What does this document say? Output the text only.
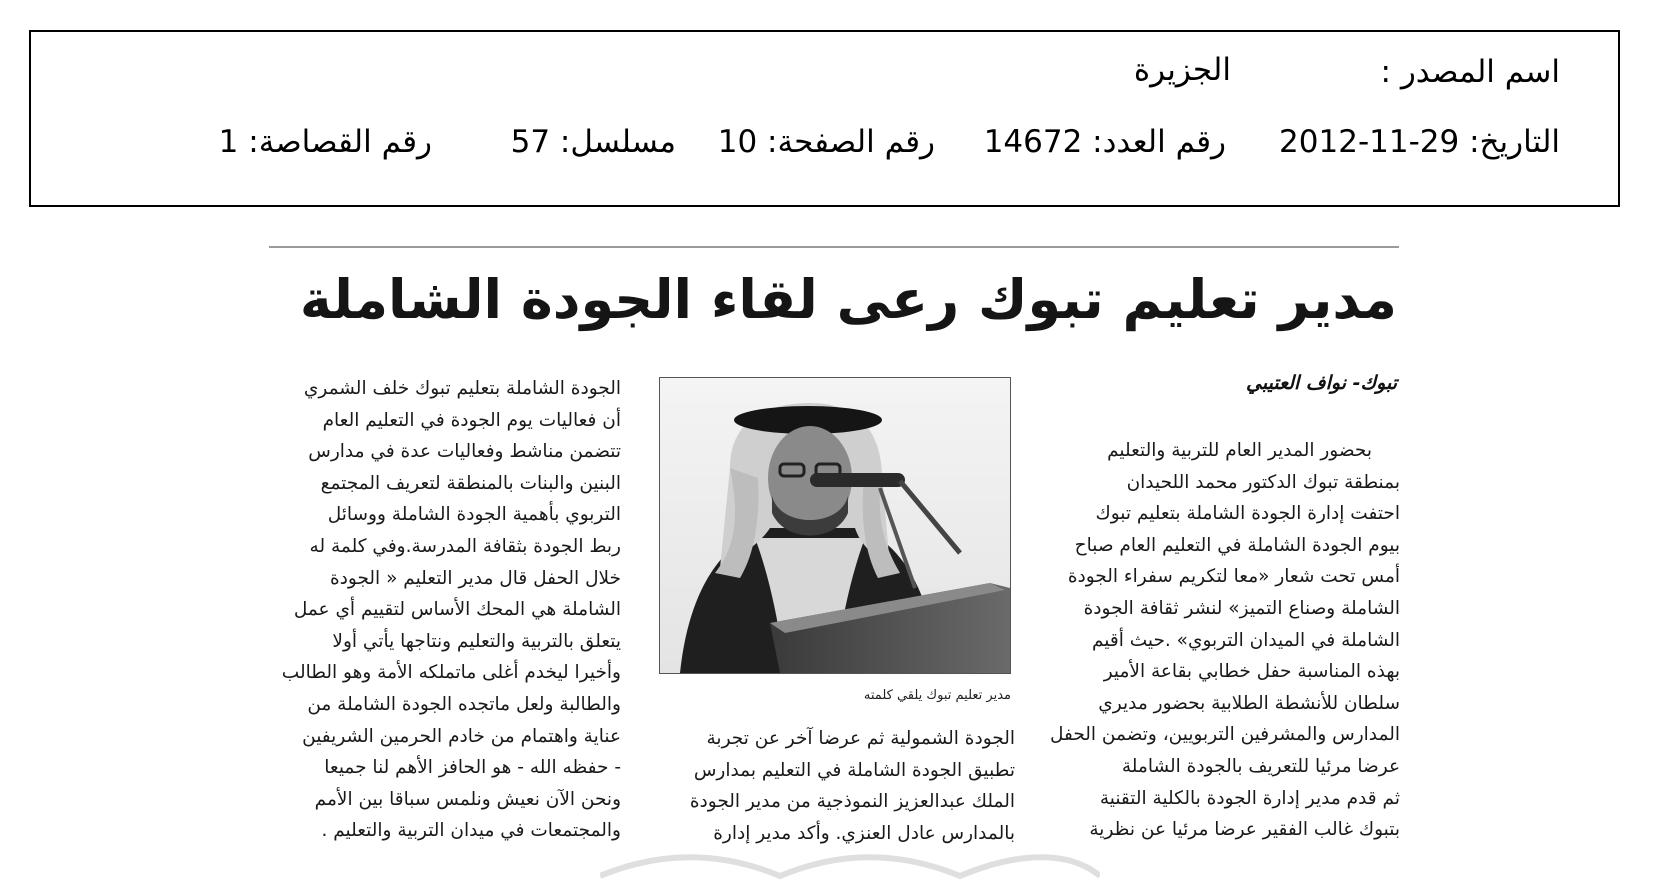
اسم المصدر :
الجزيرة
التاريخ: 29-11-2012
رقم العدد: 14672
رقم الصفحة: 10
مسلسل: 57
رقم القصاصة: 1
مدير تعليم تبوك رعى لقاء الجودة الشاملة
تبوك- نواف العتيبي
بحضور المدير العام للتربية والتعليم
بمنطقة تبوك الدكتور محمد اللحيدان
احتفت إدارة الجودة الشاملة بتعليم تبوك
بيوم الجودة الشاملة في التعليم العام صباح
أمس تحت شعار «معا لتكريم سفراء الجودة
الشاملة وصناع التميز» لنشر ثقافة الجودة
الشاملة في الميدان التربوي» .حيث أقيم
بهذه المناسبة حفل خطابي بقاعة الأمير
سلطان للأنشطة الطلابية بحضور مديري
المدارس والمشرفين التربويين، وتضمن الحفل
عرضا مرئيا للتعريف بالجودة الشاملة
ثم قدم مدير إدارة الجودة بالكلية التقنية
بتبوك غالب الفقير عرضا مرئيا عن نظرية
مدير تعليم تبوك يلقي كلمته
الجودة الشمولية ثم عرضا آخر عن تجربة
تطبيق الجودة الشاملة في التعليم بمدارس
الملك عبدالعزيز النموذجية من مدير الجودة
بالمدارس عادل العنزي. وأكد مدير إدارة
الجودة الشاملة بتعليم تبوك خلف الشمري
أن فعاليات يوم الجودة في التعليم العام
تتضمن مناشط وفعاليات عدة في مدارس
البنين والبنات بالمنطقة لتعريف المجتمع
التربوي بأهمية الجودة الشاملة ووسائل
ربط الجودة بثقافة المدرسة.وفي كلمة له
خلال الحفل قال مدير التعليم « الجودة
الشاملة هي المحك الأساس لتقييم أي عمل
يتعلق بالتربية والتعليم ونتاجها يأتي أولا
وأخيرا ليخدم أغلى ماتملكه الأمة وهو الطالب
والطالبة ولعل ماتجده الجودة الشاملة من
عناية واهتمام من خادم الحرمين الشريفين
- حفظه الله - هو الحافز الأهم لنا جميعا
ونحن الآن نعيش ونلمس سباقا بين الأمم
والمجتمعات في ميدان التربية والتعليم .
